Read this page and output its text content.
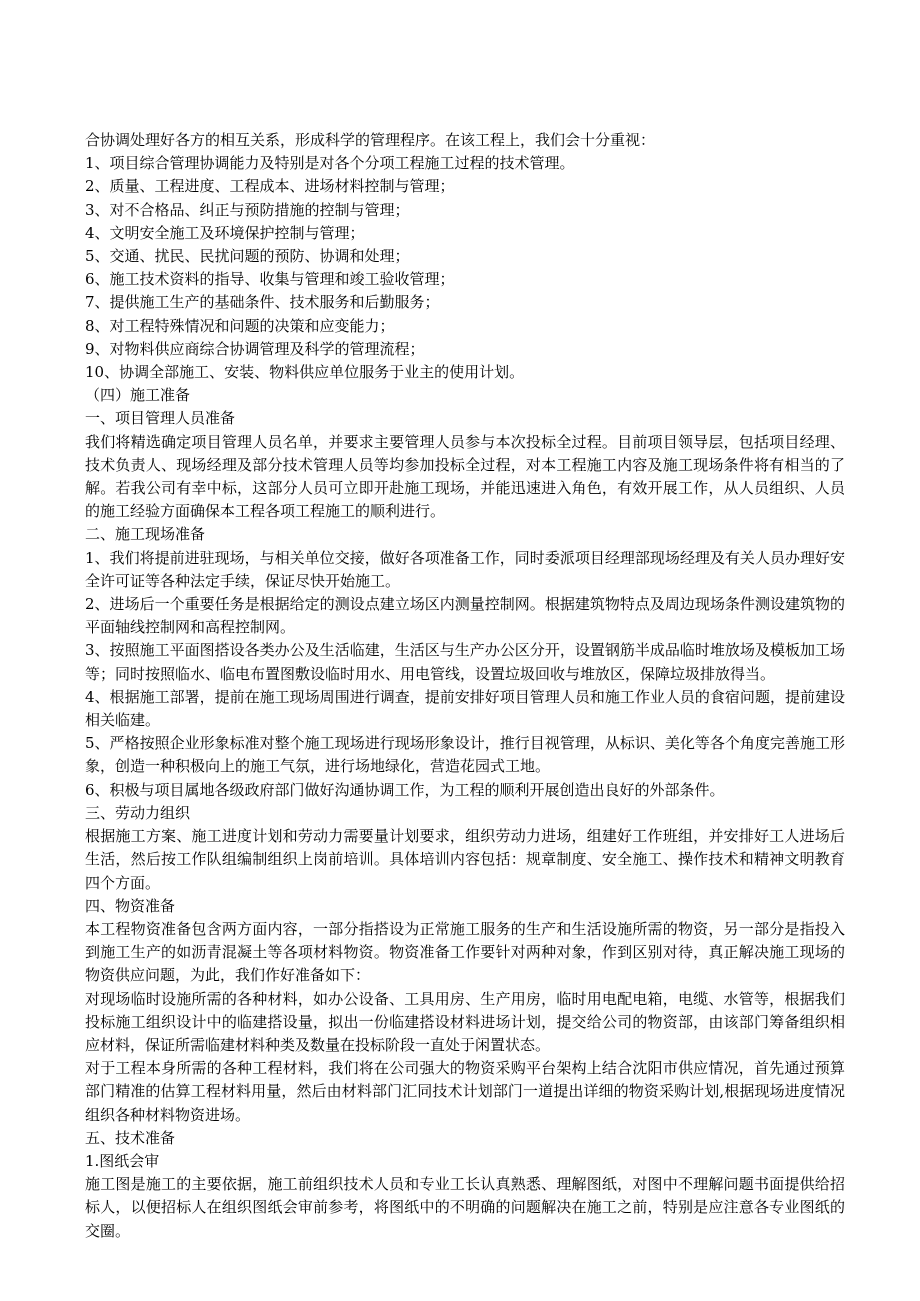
合协调处理好各方的相互关系，形成科学的管理程序。在该工程上，我们会十分重视：
1、项目综合管理协调能力及特别是对各个分项工程施工过程的技术管理。
2、质量、工程进度、工程成本、进场材料控制与管理；
3、对不合格品、纠正与预防措施的控制与管理；
4、文明安全施工及环境保护控制与管理；
5、交通、扰民、民扰问题的预防、协调和处理；
6、施工技术资料的指导、收集与管理和竣工验收管理；
7、提供施工生产的基础条件、技术服务和后勤服务；
8、对工程特殊情况和问题的决策和应变能力；
9、对物料供应商综合协调管理及科学的管理流程；
10、协调全部施工、安装、物料供应单位服务于业主的使用计划。
（四）施工准备
一、项目管理人员准备

我们将精选确定项目管理人员名单，并要求主要管理人员参与本次投标全过程。目前项目领导层，包括项目经理、技术负责人、现场经理及部分技术管理人员等均参加投标全过程，对本工程施工内容及施工现场条件将有相当的了解。若我公司有幸中标，这部分人员可立即开赴施工现场，并能迅速进入角色，有效开展工作，从人员组织、人员的施工经验方面确保本工程各项工程施工的顺利进行。

二、施工现场准备

1、我们将提前进驻现场，与相关单位交接，做好各项准备工作，同时委派项目经理部现场经理及有关人员办理好安全许可证等各种法定手续，保证尽快开始施工。

2、进场后一个重要任务是根据给定的测设点建立场区内测量控制网。根据建筑物特点及周边现场条件测设建筑物的平面轴线控制网和高程控制网。

3、按照施工平面图搭设各类办公及生活临建，生活区与生产办公区分开，设置钢筋半成品临时堆放场及模板加工场等；同时按照临水、临电布置图敷设临时用水、用电管线，设置垃圾回收与堆放区，保障垃圾排放得当。

4、根据施工部署，提前在施工现场周围进行调查，提前安排好项目管理人员和施工作业人员的食宿问题，提前建设相关临建。

5、严格按照企业形象标准对整个施工现场进行现场形象设计，推行目视管理，从标识、美化等各个角度完善施工形象，创造一种积极向上的施工气氛，进行场地绿化，营造花园式工地。

6、积极与项目属地各级政府部门做好沟通协调工作，为工程的顺利开展创造出良好的外部条件。

三、劳动力组织

根据施工方案、施工进度计划和劳动力需要量计划要求，组织劳动力进场，组建好工作班组，并安排好工人进场后生活，然后按工作队组编制组织上岗前培训。具体培训内容包括：规章制度、安全施工、操作技术和精神文明教育四个方面。

四、物资准备

本工程物资准备包含两方面内容，一部分指搭设为正常施工服务的生产和生活设施所需的物资，另一部分是指投入到施工生产的如沥青混凝土等各项材料物资。物资准备工作要针对两种对象，作到区别对待，真正解决施工现场的物资供应问题，为此，我们作好准备如下：

对现场临时设施所需的各种材料，如办公设备、工具用房、生产用房，临时用电配电箱，电缆、水管等，根据我们投标施工组织设计中的临建搭设量，拟出一份临建搭设材料进场计划，提交给公司的物资部，由该部门筹备组织相应材料，保证所需临建材料种类及数量在投标阶段一直处于闲置状态。

对于工程本身所需的各种工程材料，我们将在公司强大的物资采购平台架构上结合沈阳市供应情况，首先通过预算部门精准的估算工程材料用量，然后由材料部门汇同技术计划部门一道提出详细的物资采购计划,根据现场进度情况组织各种材料物资进场。

五、技术准备
1.图纸会审

施工图是施工的主要依据，施工前组织技术人员和专业工长认真熟悉、理解图纸，对图中不理解问题书面提供给招标人，以便招标人在组织图纸会审前参考，将图纸中的不明确的问题解决在施工之前，特别是应注意各专业图纸的交圈。
